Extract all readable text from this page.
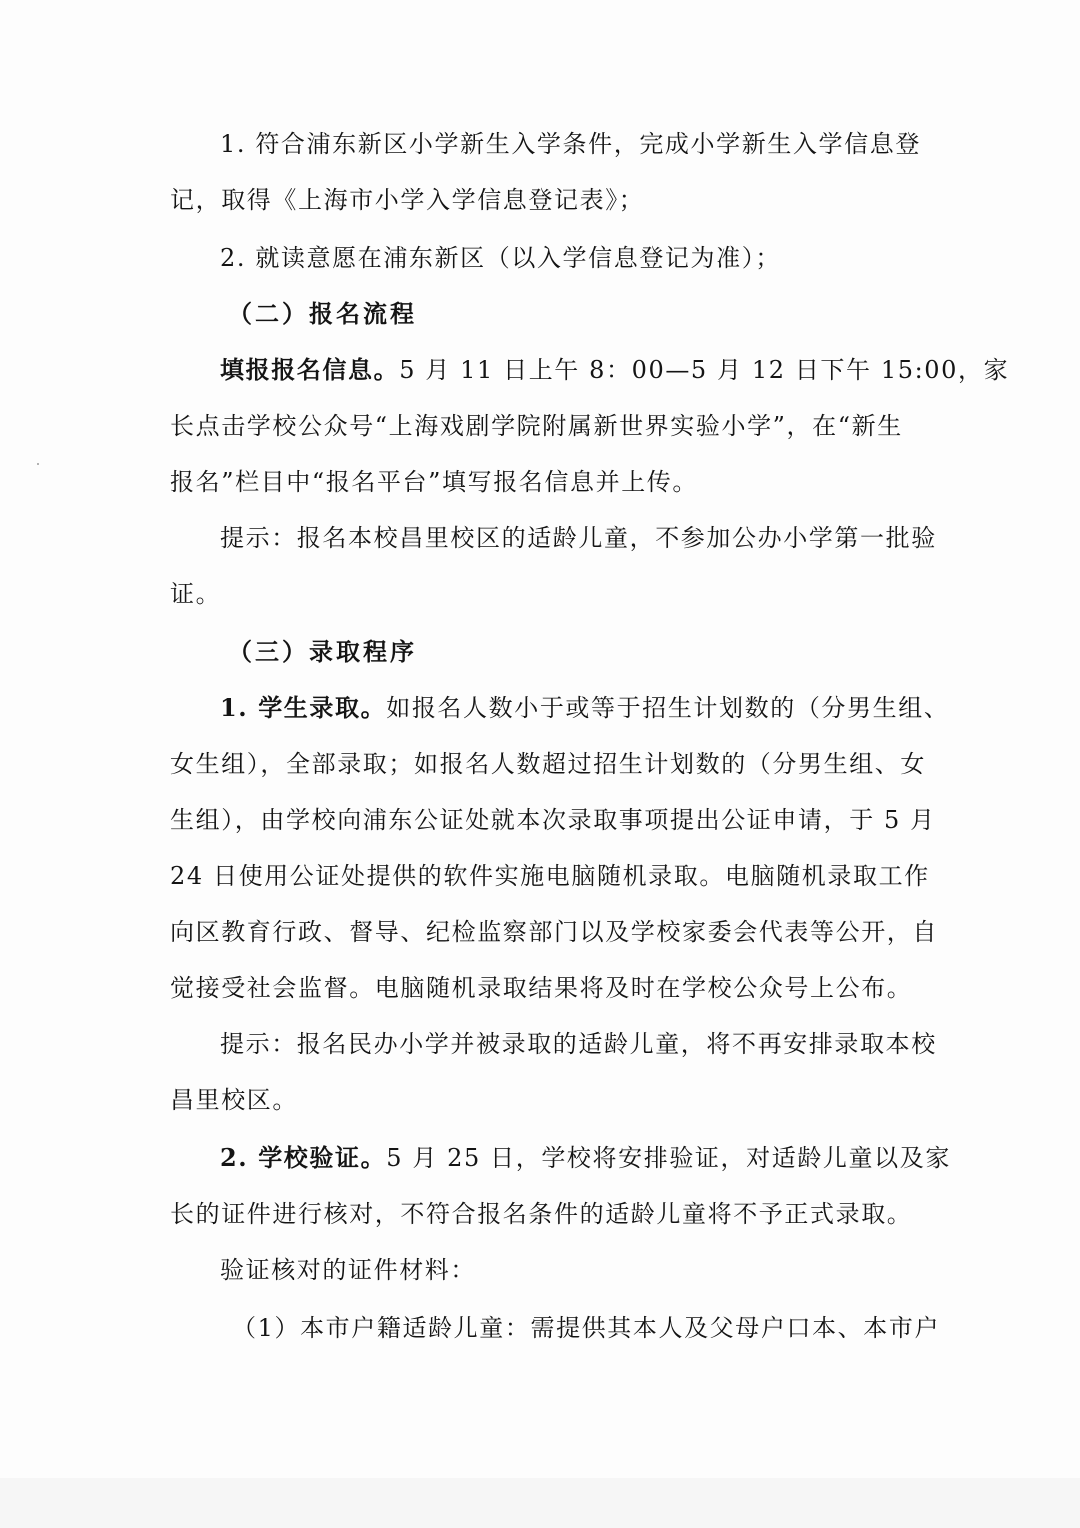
1. 符合浦东新区小学新生入学条件，完成小学新生入学信息登
记，取得《上海市小学入学信息登记表》；
2. 就读意愿在浦东新区（以入学信息登记为准）；
（二）报名流程
填报报名信息。5 月 11 日上午 8：00—5 月 12 日下午 15:00，家
长点击学校公众号“上海戏剧学院附属新世界实验小学”，在“新生
报名”栏目中“报名平台”填写报名信息并上传。
提示：报名本校昌里校区的适龄儿童，不参加公办小学第一批验
证。
（三）录取程序
1. 学生录取。如报名人数小于或等于招生计划数的（分男生组、
女生组），全部录取；如报名人数超过招生计划数的（分男生组、女
生组），由学校向浦东公证处就本次录取事项提出公证申请，于 5 月
24 日使用公证处提供的软件实施电脑随机录取。电脑随机录取工作
向区教育行政、督导、纪检监察部门以及学校家委会代表等公开，自
觉接受社会监督。电脑随机录取结果将及时在学校公众号上公布。
提示：报名民办小学并被录取的适龄儿童，将不再安排录取本校
昌里校区。
2. 学校验证。5 月 25 日，学校将安排验证，对适龄儿童以及家
长的证件进行核对，不符合报名条件的适龄儿童将不予正式录取。
验证核对的证件材料：
（1）本市户籍适龄儿童：需提供其本人及父母户口本、本市户
